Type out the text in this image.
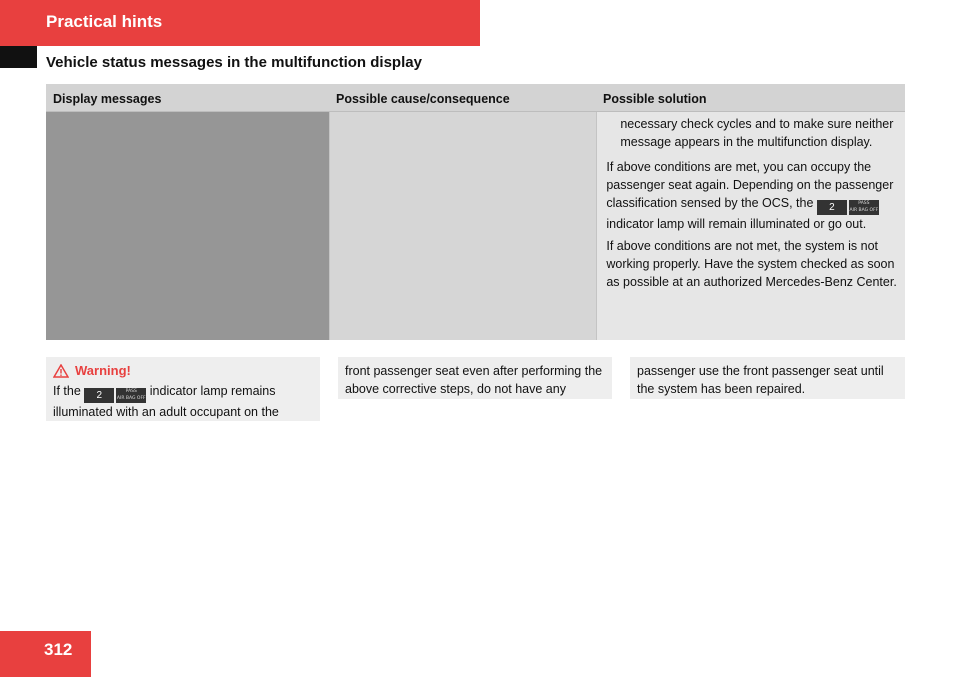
Practical hints
Vehicle status messages in the multifunction display
Display messages	Possible cause/consequence	Possible solution

necessary check cycles and to make sure neither message appears in the multifunction display.

If above conditions are met, you can occupy the passenger seat again. Depending on the passenger classification sensed by the OCS, the	2	PASS
AIR BAG OFF
indicator lamp will remain illuminated or go out.

If above conditions are not met, the system is not working properly. Have the system checked as soon as possible at an authorized Mercedes-Benz Center.

Warning!
If the	2	PASS
AIR BAG OFF
indicator lamp remains illuminated with an adult occupant on the
front passenger seat even after performing the above corrective steps, do not have any
passenger use the front passenger seat until the system has been repaired.
312
